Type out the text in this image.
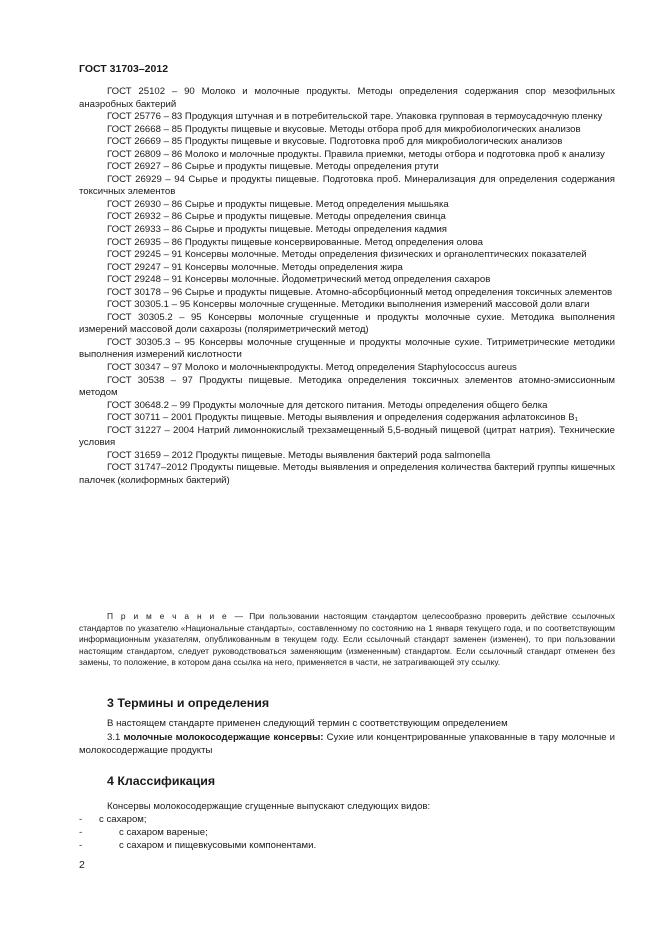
ГОСТ 31703–2012

ГОСТ 25102 – 90 Молоко и молочные продукты. Методы определения содержания спор мезофильных анаэробных бактерий

ГОСТ 25776 – 83 Продукция штучная и в потребительской таре. Упаковка групповая в термоусадочную пленку

ГОСТ 26668 – 85 Продукты пищевые и вкусовые. Методы отбора проб для микробиологических анализов

ГОСТ 26669 – 85 Продукты пищевые и вкусовые. Подготовка проб для микробиологических анализов

ГОСТ 26809 – 86 Молоко и молочные продукты. Правила приемки, методы отбора и подготовка проб к анализу

ГОСТ 26927 – 86 Сырье и продукты пищевые. Методы определения ртути

ГОСТ 26929 – 94 Сырье и продукты пищевые. Подготовка проб. Минерализация для определения содержания токсичных элементов

ГОСТ 26930 – 86 Сырье и продукты пищевые. Метод определения мышьяка

ГОСТ 26932 – 86 Сырье и продукты пищевые. Методы определения свинца

ГОСТ 26933 – 86 Сырье и продукты пищевые. Методы определения кадмия

ГОСТ 26935 – 86 Продукты пищевые консервированные. Метод определения олова

ГОСТ 29245 – 91 Консервы молочные. Методы определения физических и органолептических показателей

ГОСТ 29247 – 91 Консервы молочные. Методы определения жира

ГОСТ 29248 – 91 Консервы молочные. Йодометрический метод определения сахаров

ГОСТ 30178 – 96 Сырье и продукты пищевые. Атомно-абсорбционный метод определения токсичных элементов

ГОСТ 30305.1 – 95 Консервы молочные сгущенные. Методики выполнения измерений массовой доли влаги

ГОСТ 30305.2 – 95 Консервы молочные сгущенные и продукты молочные сухие. Методика выполнения измерений массовой доли сахарозы (поляриметрический метод)

ГОСТ 30305.3 – 95 Консервы молочные сгущенные и продукты молочные сухие. Титриметрические методики выполнения измерений кислотности

ГОСТ 30347 – 97 Молоко и молочныекпродукты. Метод определения Staphylococcus aureus

ГОСТ 30538 – 97 Продукты пищевые. Методика определения токсичных элементов атомно-эмиссионным методом

ГОСТ 30648.2 – 99 Продукты молочные для детского питания. Методы определения общего белка

ГОСТ 30711 – 2001 Продукты пищевые. Методы выявления и определения содержания афлатоксинов B₁

ГОСТ 31227 – 2004 Натрий лимоннокислый трехзамещенный 5,5-водный пищевой (цитрат натрия). Технические условия

ГОСТ 31659 – 2012 Продукты пищевые. Методы выявления бактерий рода salmonella

ГОСТ 31747–2012 Продукты пищевые. Методы выявления и определения количества бактерий группы кишечных палочек (колиформных бактерий)

П р и м е ч а н и е — При пользовании настоящим стандартом целесообразно проверить действие ссылочных стандартов по указателю «Национальные стандарты», составленному по состоянию на 1 января текущего года, и по соответствующим информационным указателям, опубликованным в текущем году. Если ссылочный стандарт заменен (изменен), то при пользовании настоящим стандартом, следует руководствоваться заменяющим (измененным) стандартом. Если ссылочный стандарт отменен без замены, то положение, в котором дана ссылка на него, применяется в части, не затрагивающей эту ссылку.

3 Термины и определения

В настоящем стандарте применен следующий термин с соответствующим определением

3.1 молочные молокосодержащие консервы: Сухие или концентрированные упакованные в тару молочные и молокосодержащие продукты

4 Классификация

Консервы молокосодержащие сгущенные выпускают следующих видов:

- с сахаром;
-	с сахаром вареные;
-	с сахаром и пищевкусовыми компонентами.
2
